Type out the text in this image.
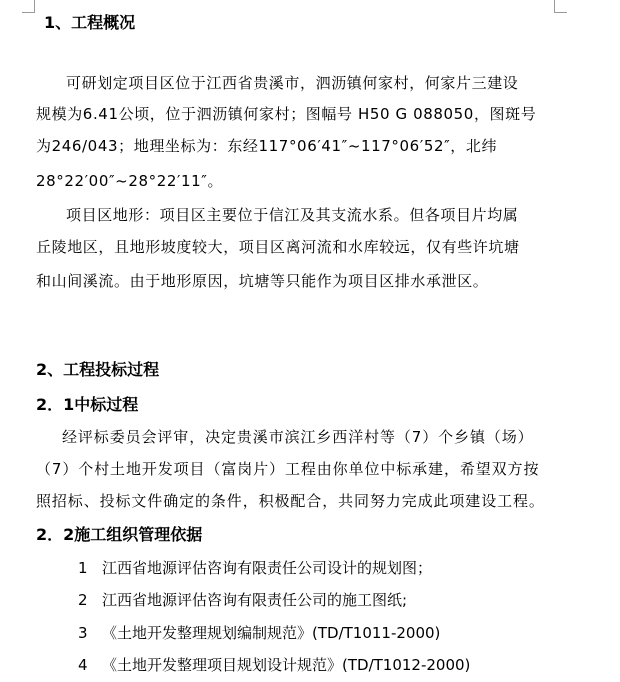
1、工程概况
可研划定项目区位于江西省贵溪市，泗沥镇何家村，何家片三建设
规模为6.41公顷，位于泗沥镇何家村；图幅号 H50 G 088050，图斑号
为246/043；地理坐标为：东经117°06′41″~117°06′52″，北纬
28°22′00″~28°22′11″。
项目区地形：项目区主要位于信江及其支流水系。但各项目片均属
丘陵地区，且地形坡度较大，项目区离河流和水库较远，仅有些许坑塘
和山间溪流。由于地形原因，坑塘等只能作为项目区排水承泄区。
2、工程投标过程
2．1中标过程
经评标委员会评审，决定贵溪市滨江乡西洋村等（7）个乡镇（场）
（7）个村土地开发项目（富岗片）工程由你单位中标承建，希望双方按
照招标、投标文件确定的条件，积极配合，共同努力完成此项建设工程。
2．2施工组织管理依据
1 江西省地源评估咨询有限责任公司设计的规划图；
2 江西省地源评估咨询有限责任公司的施工图纸;
3 《土地开发整理规划编制规范》(TD/T1011-2000)
4 《土地开发整理项目规划设计规范》(TD/T1012-2000)
